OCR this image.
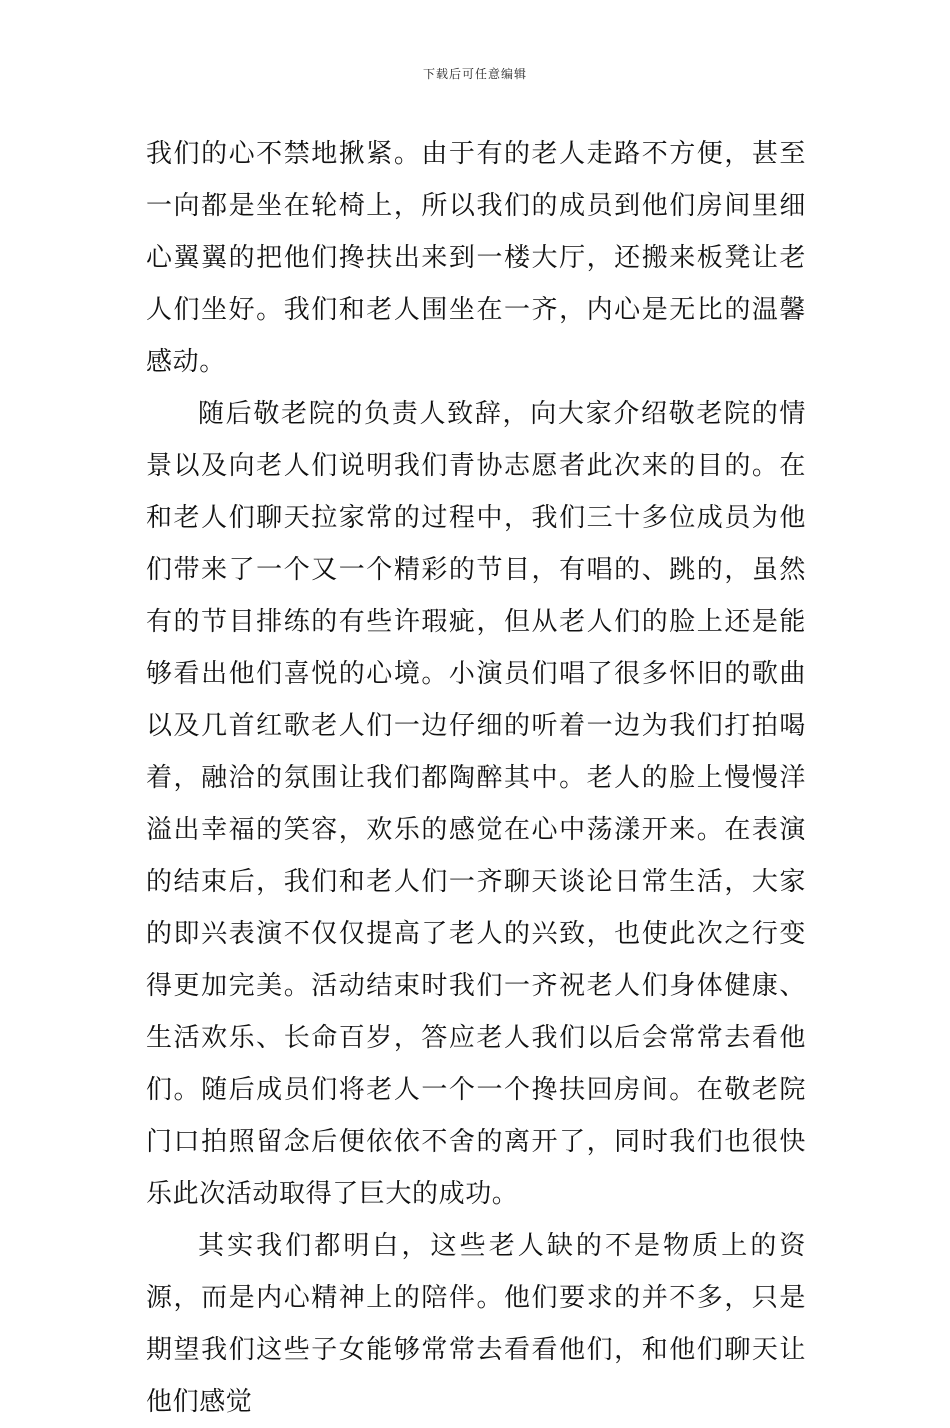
下载后可任意编辑

我们的心不禁地揪紧。由于有的老人走路不方便，甚至一向都是坐在轮椅上，所以我们的成员到他们房间里细心翼翼的把他们搀扶出来到一楼大厅，还搬来板凳让老人们坐好。我们和老人围坐在一齐，内心是无比的温馨感动。

随后敬老院的负责人致辞，向大家介绍敬老院的情景以及向老人们说明我们青协志愿者此次来的目的。在和老人们聊天拉家常的过程中，我们三十多位成员为他们带来了一个又一个精彩的节目，有唱的、跳的，虽然有的节目排练的有些许瑕疵，但从老人们的脸上还是能够看出他们喜悦的心境。小演员们唱了很多怀旧的歌曲以及几首红歌老人们一边仔细的听着一边为我们打拍喝着，融洽的氛围让我们都陶醉其中。老人的脸上慢慢洋溢出幸福的笑容，欢乐的感觉在心中荡漾开来。在表演的结束后，我们和老人们一齐聊天谈论日常生活，大家的即兴表演不仅仅提高了老人的兴致，也使此次之行变得更加完美。活动结束时我们一齐祝老人们身体健康、生活欢乐、长命百岁，答应老人我们以后会常常去看他们。随后成员们将老人一个一个搀扶回房间。在敬老院门口拍照留念后便依依不舍的离开了，同时我们也很快乐此次活动取得了巨大的成功。

其实我们都明白，这些老人缺的不是物质上的资源，而是内心精神上的陪伴。他们要求的并不多，只是期望我们这些子女能够常常去看看他们，和他们聊天让他们感觉
